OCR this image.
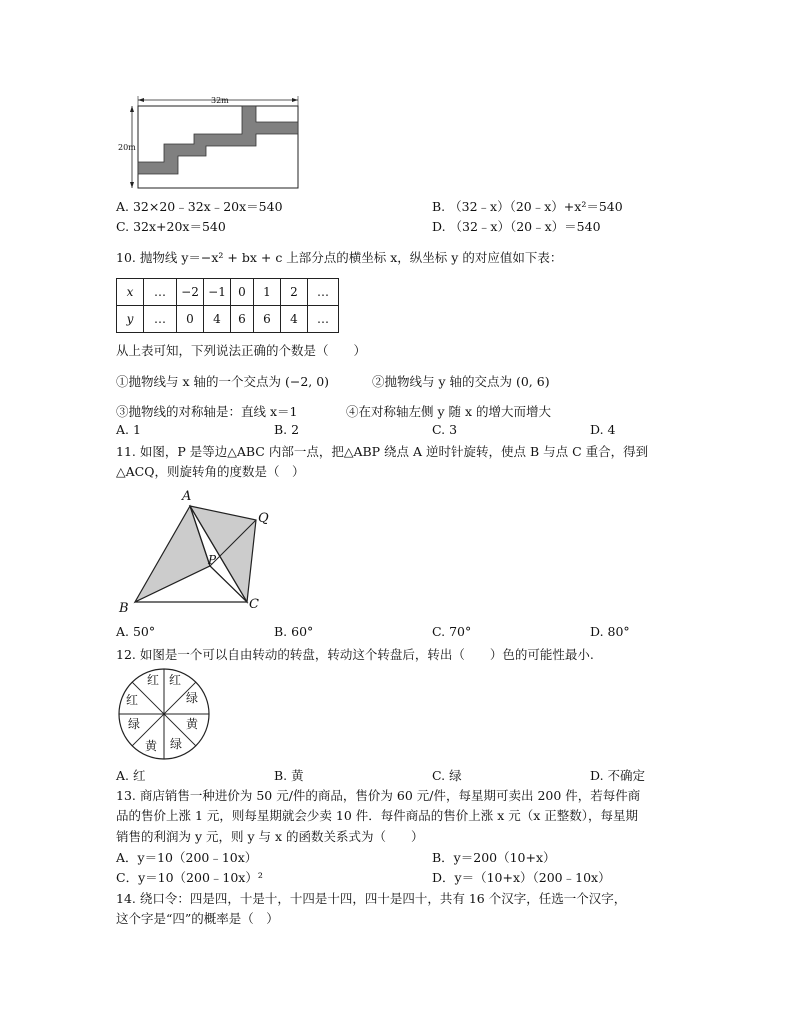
32m
20m
A. 32×20﹣32x﹣20x＝540	B. （32﹣x）（20﹣x）+x²＝540
C. 32x+20x＝540	D. （32﹣x）（20﹣x）＝540
10. 抛物线 y＝−x² + bx + c 上部分点的横坐标 x，纵坐标 y 的对应值如下表：
x	…	−2	−1	0	1	2	…
y	…	0	4	6	6	4	…
从上表可知，下列说法正确的个数是（　　）
①抛物线与 x 轴的一个交点为 (−2, 0)	②抛物线与 y 轴的交点为 (0, 6)
③抛物线的对称轴是：直线 x＝1	④在对称轴左侧 y 随 x 的增大而增大
A. 1	B. 2	C. 3	D. 4
11. 如图，P 是等边△ABC 内部一点，把△ABP 绕点 A 逆时针旋转，使点 B 与点 C 重合，得到
△ACQ，则旋转角的度数是（　）
A
B	C
P
Q
A. 50°	B. 60°	C. 70°	D. 80°
12. 如图是一个可以自由转动的转盘，转动这个转盘后，转出（　　）色的可能性最小.
红 红
绿
黄
绿
黄
绿
红
A. 红	B. 黄	C. 绿	D. 不确定
13. 商店销售一种进价为 50 元/件的商品，售价为 60 元/件，每星期可卖出 200 件，若每件商
品的售价上涨 1 元，则每星期就会少卖 10 件．每件商品的售价上涨 x 元（x 正整数），每星期
销售的利润为 y 元，则 y 与 x 的函数关系式为（　　）
A．y＝10（200﹣10x）	B．y＝200（10+x）
C．y＝10（200﹣10x）²	D．y＝（10+x）（200﹣10x）
14. 绕口令：四是四，十是十，十四是十四，四十是四十，共有 16 个汉字，任选一个汉字，
这个字是“四”的概率是（　）
